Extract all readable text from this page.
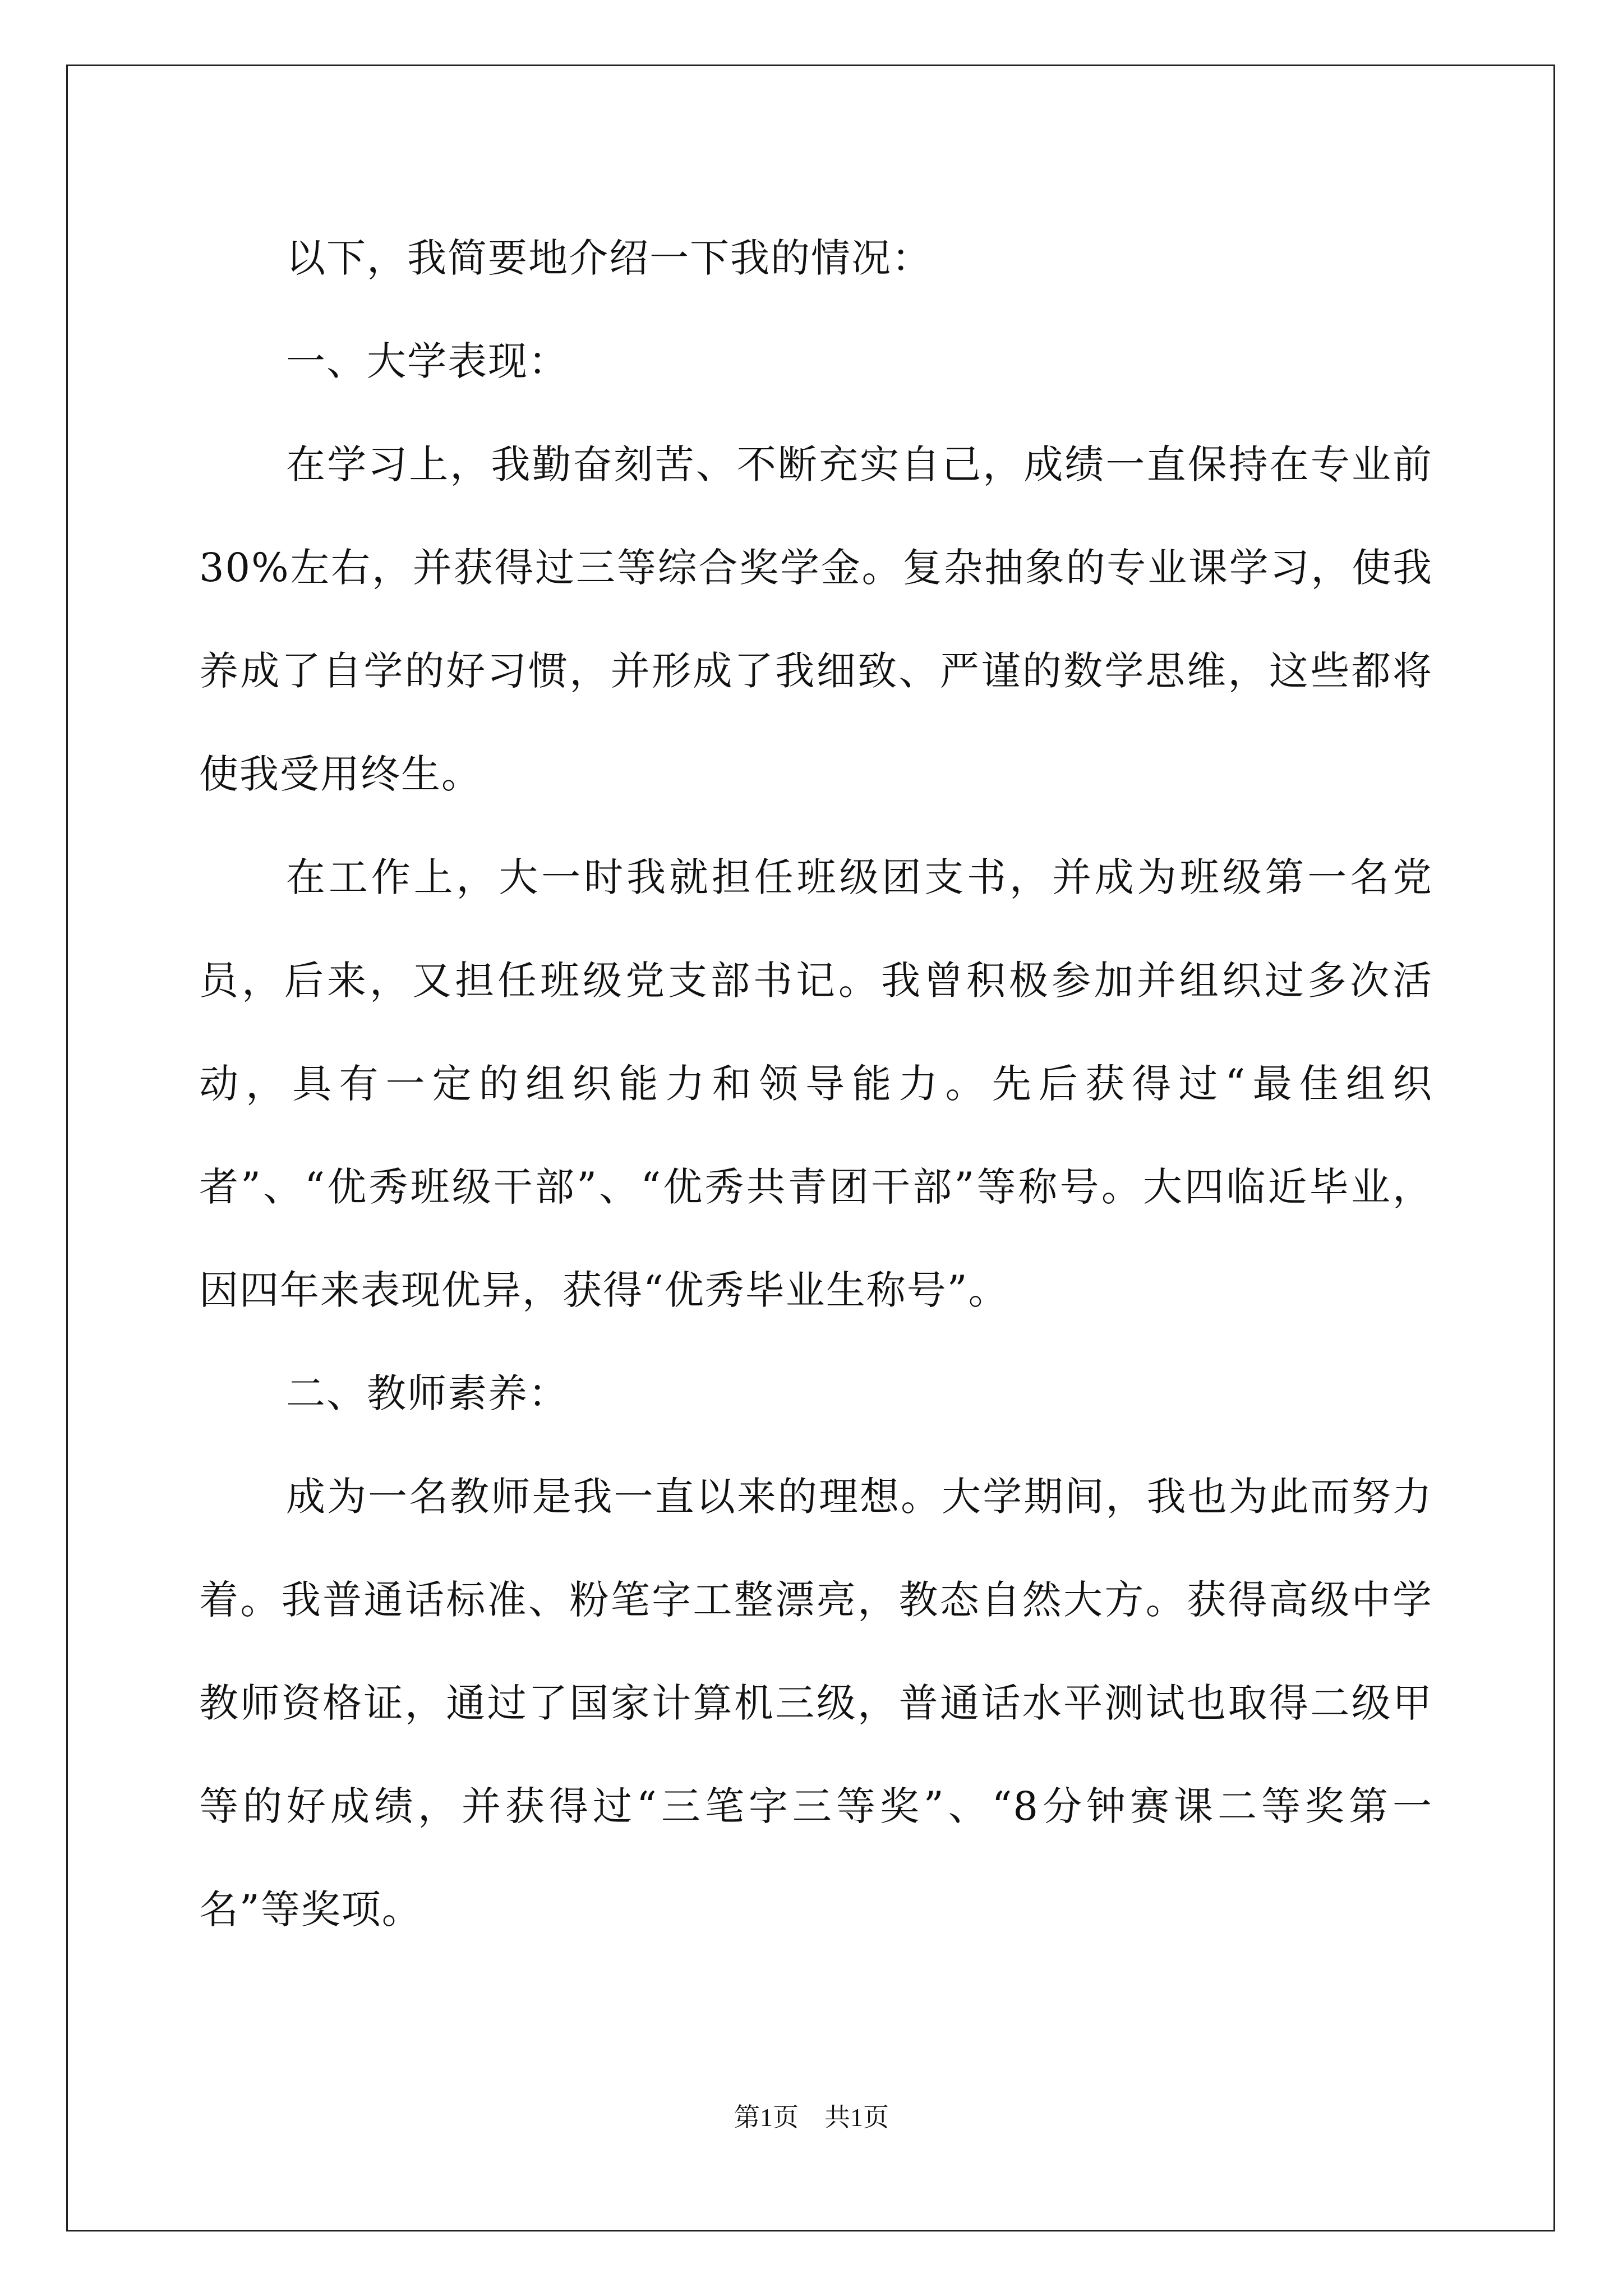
以下，我简要地介绍一下我的情况：

一、大学表现：

在学习上，我勤奋刻苦、不断充实自己，成绩一直保持在专业前30%左右，并获得过三等综合奖学金。复杂抽象的专业课学习，使我养成了自学的好习惯，并形成了我细致、严谨的数学思维，这些都将使我受用终生。

在工作上，大一时我就担任班级团支书，并成为班级第一名党员，后来，又担任班级党支部书记。我曾积极参加并组织过多次活动，具有一定的组织能力和领导能力。先后获得过“最佳组织者”、“优秀班级干部”、“优秀共青团干部”等称号。大四临近毕业，因四年来表现优异，获得“优秀毕业生称号”。

二、教师素养：

成为一名教师是我一直以来的理想。大学期间，我也为此而努力着。我普通话标准、粉笔字工整漂亮，教态自然大方。获得高级中学教师资格证，通过了国家计算机三级，普通话水平测试也取得二级甲等的好成绩，并获得过“三笔字三等奖”、“8分钟赛课二等奖第一名”等奖项。

第1页　共1页
